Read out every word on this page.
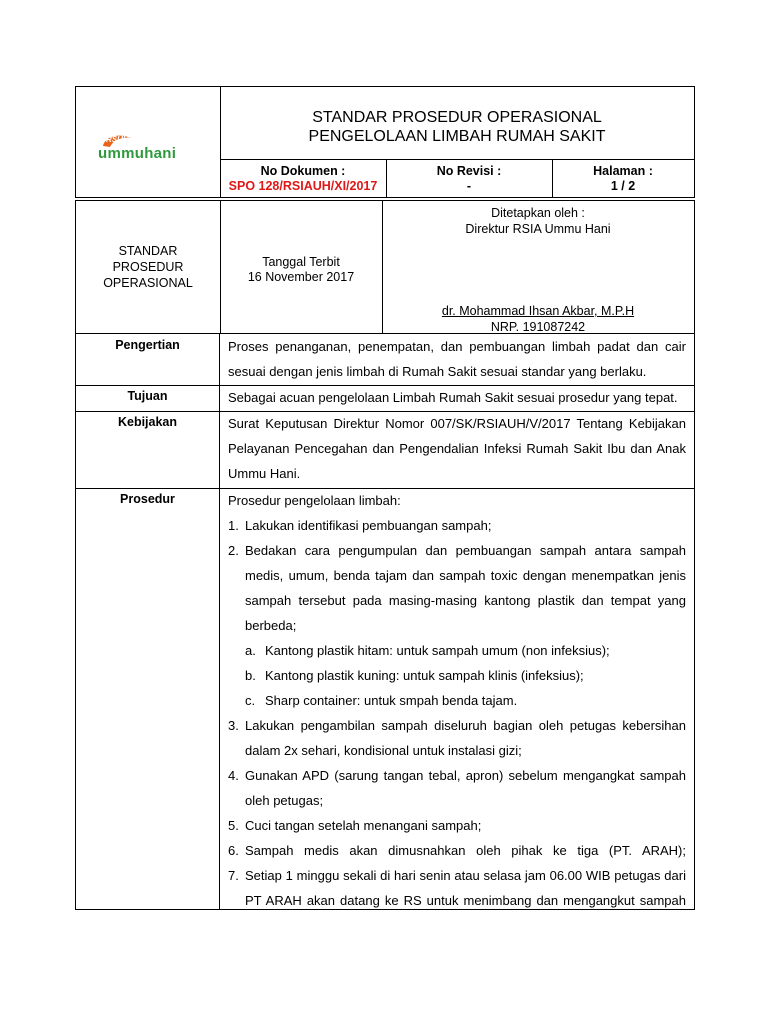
RSUH
ummuhani
STANDAR PROSEDUR OPERASIONAL
PENGELOLAAN LIMBAH RUMAH SAKIT
No Dokumen :
SPO 128/RSIAUH/XI/2017
No Revisi :
-
Halaman :
1 / 2
STANDAR
PROSEDUR
OPERASIONAL
Tanggal Terbit
16 November 2017
Ditetapkan oleh :
Direktur RSIA Ummu Hani
dr. Mohammad Ihsan Akbar, M.P.H
NRP. 191087242
Pengertian	Proses penanganan, penempatan, dan pembuangan limbah padat dan cair

sesuai dengan jenis limbah di Rumah Sakit sesuai standar yang berlaku.

Tujuan	Sebagai acuan pengelolaan Limbah Rumah Sakit sesuai prosedur yang tepat.

Kebijakan	Surat Keputusan Direktur Nomor 007/SK/RSIAUH/V/2017 Tentang Kebijakan

Pelayanan Pencegahan dan Pengendalian Infeksi Rumah Sakit Ibu dan Anak

Ummu Hani.

Prosedur	Prosedur pengelolaan limbah:
1. Lakukan identifikasi pembuangan sampah;
2. Bedakan cara pengumpulan dan pembuangan sampah antara sampah
medis, umum, benda tajam dan sampah toxic dengan menempatkan jenis
sampah tersebut pada masing-masing kantong plastik dan tempat yang
berbeda;
a. Kantong plastik hitam: untuk sampah umum (non infeksius);
b. Kantong plastik kuning: untuk sampah klinis (infeksius);
c. Sharp container: untuk smpah benda tajam.
3. Lakukan pengambilan sampah diseluruh bagian oleh petugas kebersihan
dalam 2x sehari, kondisional untuk instalasi gizi;
4. Gunakan APD (sarung tangan tebal, apron) sebelum mengangkat sampah
oleh petugas;
5. Cuci tangan setelah menangani sampah;
6. Sampah medis akan dimusnahkan oleh pihak ke tiga (PT. ARAH);
7. Setiap 1 minggu sekali di hari senin atau selasa jam 06.00 WIB petugas dari
PT ARAH akan datang ke RS untuk menimbang dan mengangkut sampah
